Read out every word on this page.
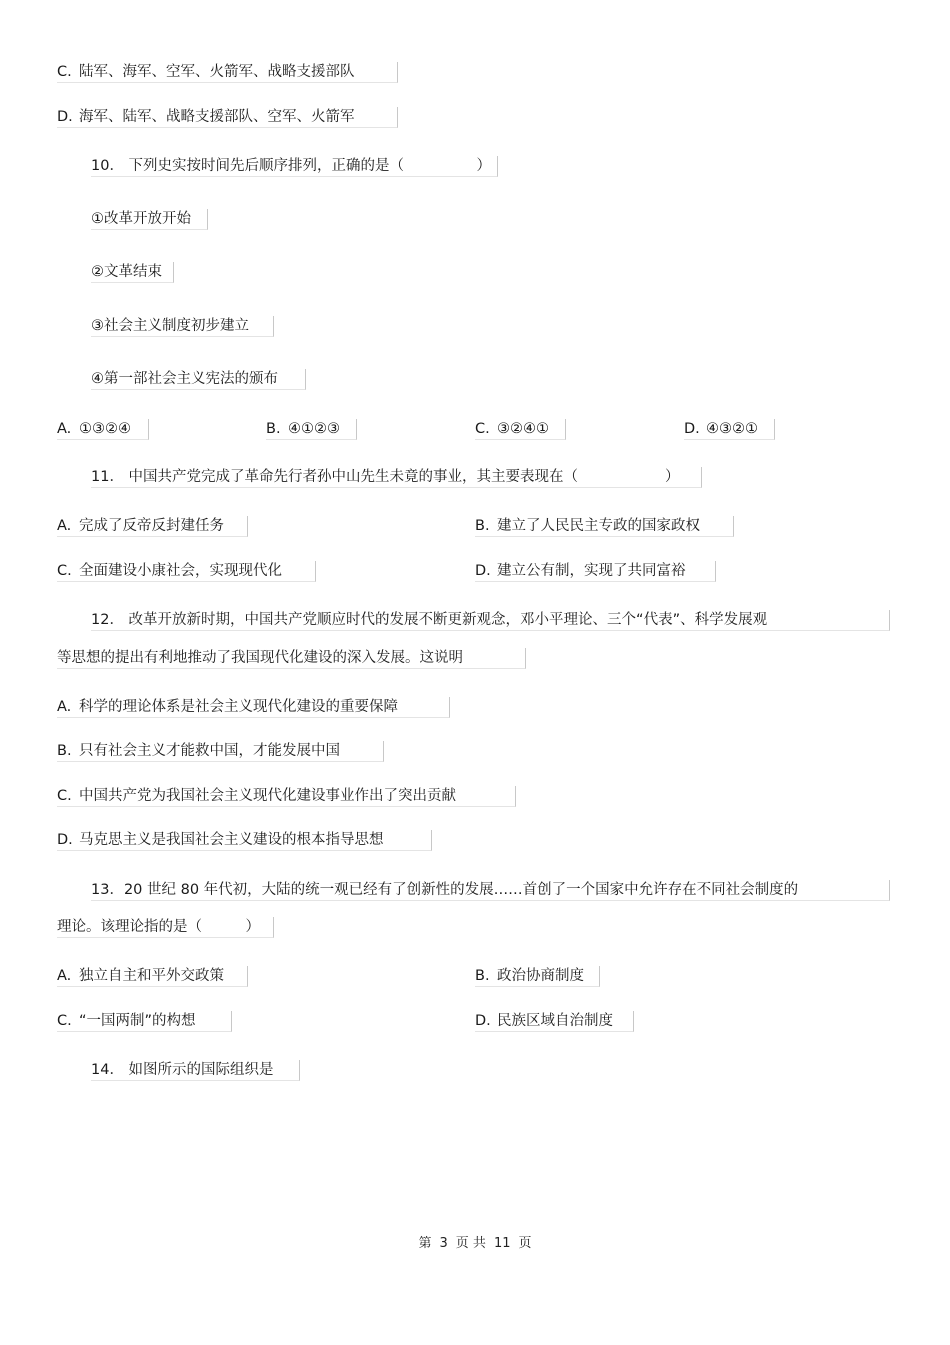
C. 陆军、海军、空军、火箭军、战略支援部队
D. 海军、陆军、战略支援部队、空军、火箭军
10． 下列史实按时间先后顺序排列，正确的是（　　　　　）
①改革开放开始
②文革结束
③社会主义制度初步建立
④第一部社会主义宪法的颁布
A. ①③②④	B. ④①②③	C. ③②④①	D. ④③②①
11． 中国共产党完成了革命先行者孙中山先生未竟的事业，其主要表现在（　　　　　　）
A. 完成了反帝反封建任务	B. 建立了人民民主专政的国家政权
C. 全面建设小康社会，实现现代化	D. 建立公有制，实现了共同富裕
12． 改革开放新时期，中国共产党顺应时代的发展不断更新观念，邓小平理论、三个“代表”、科学发展观
等思想的提出有利地推动了我国现代化建设的深入发展。这说明
A. 科学的理论体系是社会主义现代化建设的重要保障
B. 只有社会主义才能救中国，才能发展中国
C. 中国共产党为我国社会主义现代化建设事业作出了突出贡献
D. 马克思主义是我国社会主义建设的根本指导思想
13．20 世纪 80 年代初，大陆的统一观已经有了创新性的发展……首创了一个国家中允许存在不同社会制度的
理论。该理论指的是（　　　）
A. 独立自主和平外交政策	B. 政治协商制度
C. “一国两制”的构想	D. 民族区域自治制度
14． 如图所示的国际组织是
第 3 页 共 11 页
